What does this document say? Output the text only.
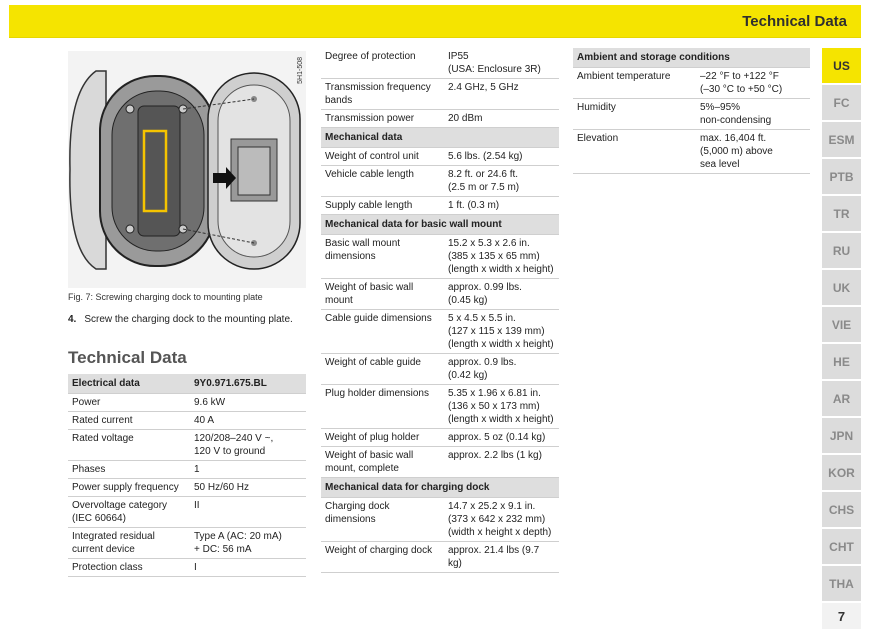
Technical Data
US
FC
ESM
PTB
TR
RU
UK
VIE
HE
AR
JPN
KOR
CHS
CHT
THA
7
5H1-508
Fig. 7: Screwing charging dock to mounting plate
4. Screw the charging dock to the mounting plate.
Technical Data
Electrical data	9Y0.971.675.BL
Power	9.6 kW
Rated current	40 A
Rated voltage	120/208–240 V ~,
120 V to ground
Phases	1
Power supply frequency	50 Hz/60 Hz
Overvoltage category
(IEC 60664)	II
Integrated residual
current device	Type A (AC: 20 mA)
+ DC: 56 mA
Protection class	I
Degree of protection	IP55
(USA: Enclosure 3R)
Transmission frequency
bands	2.4 GHz, 5 GHz
Transmission power	20 dBm
Mechanical data	
Weight of control unit	5.6 lbs. (2.54 kg)
Vehicle cable length	8.2 ft. or 24.6 ft.
(2.5 m or 7.5 m)
Supply cable length	1 ft. (0.3 m)
Mechanical data for basic wall mount	
Basic wall mount
dimensions	15.2 x 5.3 x 2.6 in.
(385 x 135 x 65 mm)
(length x width x height)
Weight of basic wall
mount	approx. 0.99 lbs.
(0.45 kg)
Cable guide dimensions	5 x 4.5 x 5.5 in.
(127 x 115 x 139 mm)
(length x width x height)
Weight of cable guide	approx. 0.9 lbs.
(0.42 kg)
Plug holder dimensions	5.35 x 1.96 x 6.81 in.
(136 x 50 x 173 mm)
(length x width x height)
Weight of plug holder	approx. 5 oz (0.14 kg)
Weight of basic wall
mount, complete	approx. 2.2 lbs (1 kg)
Mechanical data for charging dock	
Charging dock
dimensions	14.7 x 25.2 x 9.1 in.
(373 x 642 x 232 mm)
(width x height x depth)
Weight of charging dock	approx. 21.4 lbs (9.7 kg)
Ambient and storage conditions	
Ambient temperature	–22 °F to +122 °F
(–30 °C to +50 °C)
Humidity	5%–95%
non-condensing
Elevation	max. 16,404 ft.
(5,000 m) above
sea level
